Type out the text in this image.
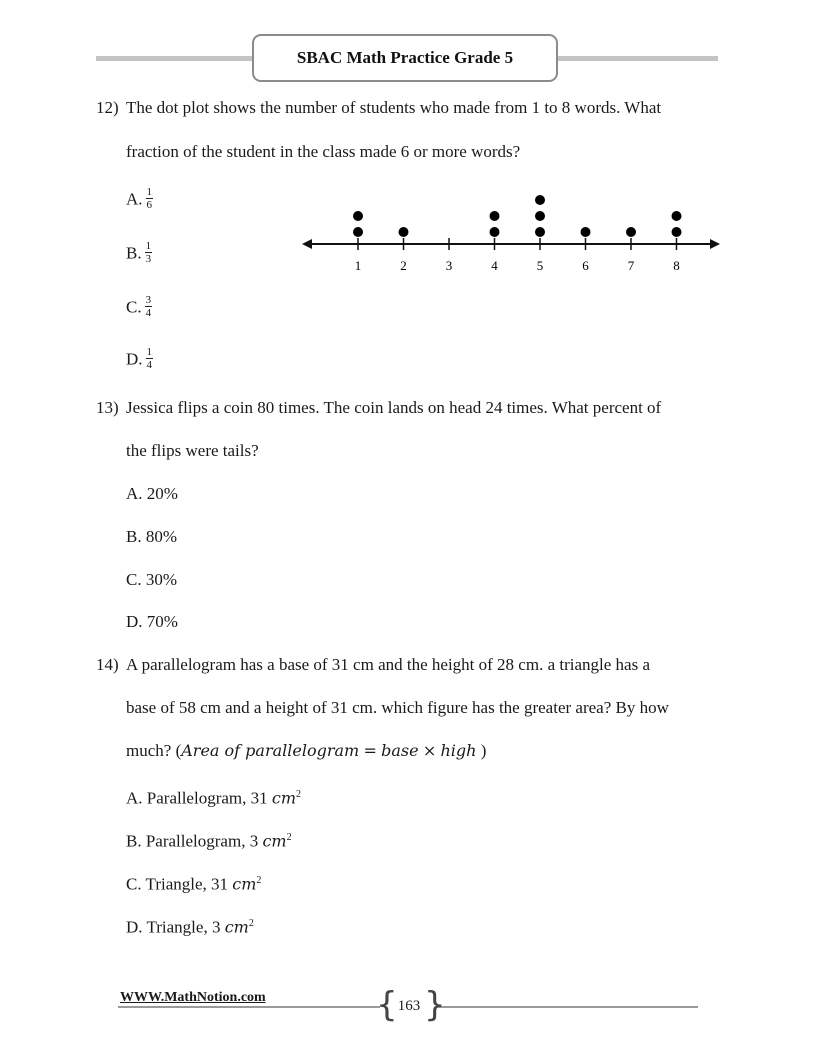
SBAC Math Practice Grade 5
12) The dot plot shows the number of students who made from 1 to 8 words. What
fraction of the student in the class made 6 or more words?
A. $\frac{1}{6}$
B. $\frac{1}{3}$
C. $\frac{3}{4}$
D. $\frac{1}{4}$
1	2	3	4	5	6	7	8
13) Jessica flips a coin 80 times. The coin lands on head 24 times. What percent of
the flips were tails?
A. 20%
B. 80%
C. 30%
D. 70%
14) A parallelogram has a base of 31 cm and the height of 28 cm. a triangle has a
base of 58 cm and a height of 31 cm. which figure has the greater area? By how
much? (Area of parallelogram = base × high )
A. Parallelogram, 31 $cm^2$
B. Parallelogram, 3 $cm^2$
C. Triangle, 31 $cm^2$
D. Triangle, 3 $cm^2$
WWW.MathNotion.com	{ }
163
